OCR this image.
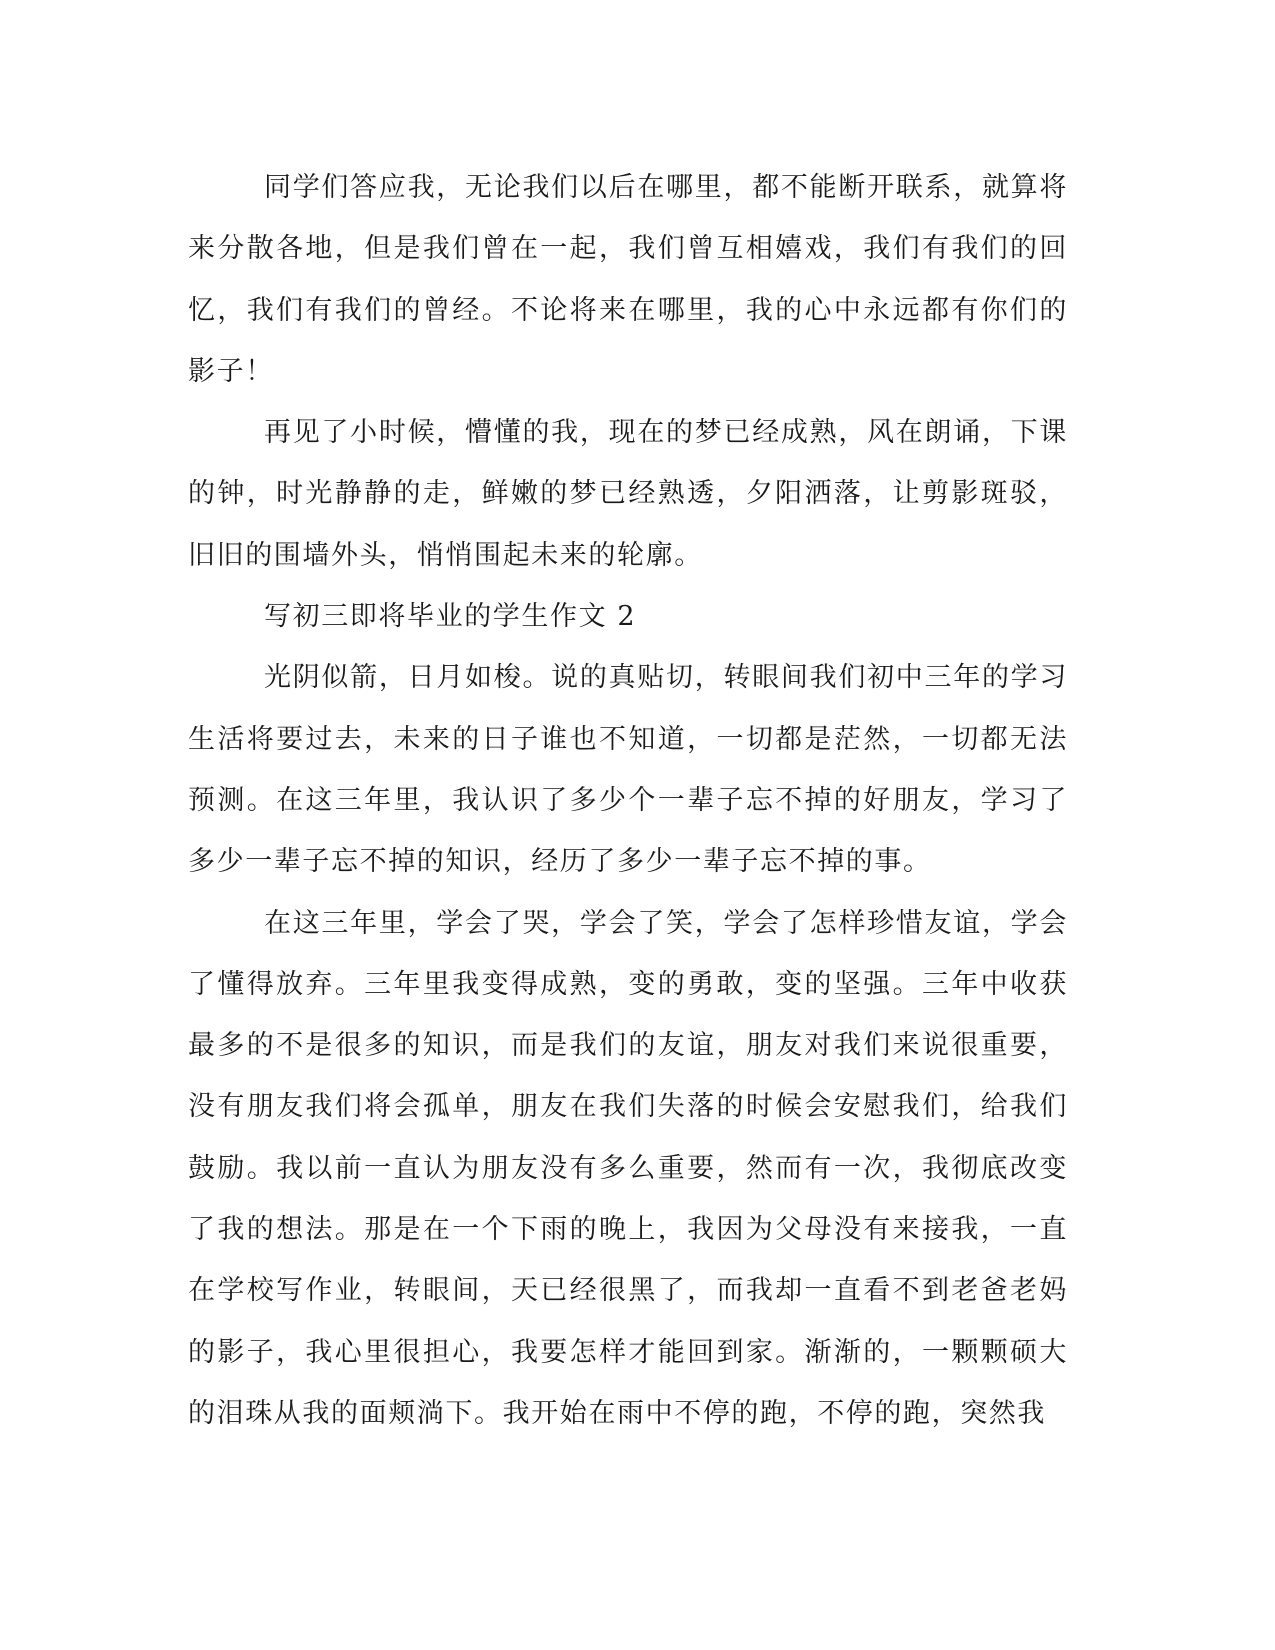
同学们答应我，无论我们以后在哪里，都不能断开联系，就算将来分散各地，但是我们曾在一起，我们曾互相嬉戏，我们有我们的回忆，我们有我们的曾经。不论将来在哪里，我的心中永远都有你们的影子！

再见了小时候，懵懂的我，现在的梦已经成熟，风在朗诵，下课的钟，时光静静的走，鲜嫩的梦已经熟透，夕阳洒落，让剪影斑驳，旧旧的围墙外头，悄悄围起未来的轮廓。

写初三即将毕业的学生作文 2

光阴似箭，日月如梭。说的真贴切，转眼间我们初中三年的学习生活将要过去，未来的日子谁也不知道，一切都是茫然，一切都无法预测。在这三年里，我认识了多少个一辈子忘不掉的好朋友，学习了多少一辈子忘不掉的知识，经历了多少一辈子忘不掉的事。

在这三年里，学会了哭，学会了笑，学会了怎样珍惜友谊，学会了懂得放弃。三年里我变得成熟，变的勇敢，变的坚强。三年中收获最多的不是很多的知识，而是我们的友谊，朋友对我们来说很重要，没有朋友我们将会孤单，朋友在我们失落的时候会安慰我们，给我们鼓励。我以前一直认为朋友没有多么重要，然而有一次，我彻底改变了我的想法。那是在一个下雨的晚上，我因为父母没有来接我，一直在学校写作业，转眼间，天已经很黑了，而我却一直看不到老爸老妈的影子，我心里很担心，我要怎样才能回到家。渐渐的，一颗颗硕大的泪珠从我的面颊淌下。我开始在雨中不停的跑，不停的跑，突然我
